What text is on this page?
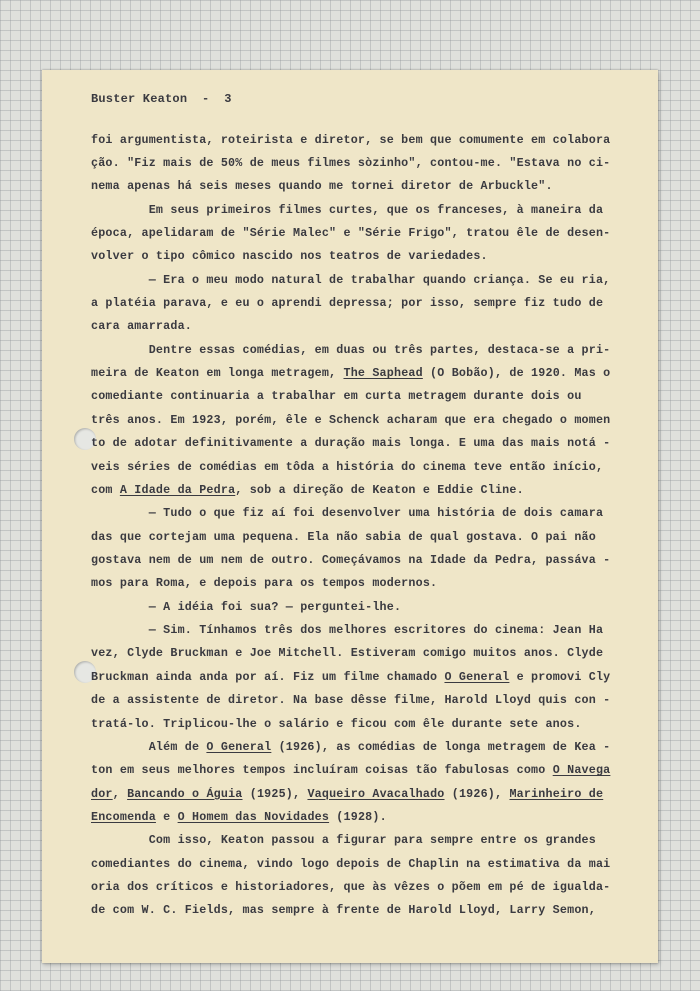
Buster Keaton  -  3
foi argumentista, roteirista e diretor, se bem que comumente em colabora
ção. "Fiz mais de 50% de meus filmes sòzinho", contou-me. "Estava no ci-
nema apenas há seis meses quando me tornei diretor de Arbuckle".
Em seus primeiros filmes curtes, que os franceses, à maneira da
época, apelidaram de "Série Malec" e "Série Frigo", tratou êle de desen-
volver o tipo cômico nascido nos teatros de variedades.
— Era o meu modo natural de trabalhar quando criança. Se eu ria,
a platéia parava, e eu o aprendi depressa; por isso, sempre fiz tudo de
cara amarrada.
Dentre essas comédias, em duas ou três partes, destaca-se a pri-
meira de Keaton em longa metragem, The Saphead (O Bobão), de 1920. Mas o
comediante continuaria a trabalhar em curta metragem durante dois ou
três anos. Em 1923, porém, êle e Schenck acharam que era chegado o momen
to de adotar definitivamente a duração mais longa. E uma das mais notá -
veis séries de comédias em tôda a história do cinema teve então início,
com A Idade da Pedra, sob a direção de Keaton e Eddie Cline.
— Tudo o que fiz aí foi desenvolver uma história de dois camara
das que cortejam uma pequena. Ela não sabia de qual gostava. O pai não
gostava nem de um nem de outro. Começávamos na Idade da Pedra, passáva -
mos para Roma, e depois para os tempos modernos.
— A idéia foi sua? — perguntei-lhe.
— Sim. Tínhamos três dos melhores escritores do cinema: Jean Ha
vez, Clyde Bruckman e Joe Mitchell. Estiveram comigo muitos anos. Clyde
Bruckman ainda anda por aí. Fiz um filme chamado O General e promovi Cly
de a assistente de diretor. Na base dêsse filme, Harold Lloyd quis con -
tratá-lo. Triplicou-lhe o salário e ficou com êle durante sete anos.
Além de O General (1926), as comédias de longa metragem de Kea -
ton em seus melhores tempos incluíram coisas tão fabulosas como O Navega
dor, Bancando o Águia (1925), Vaqueiro Avacalhado (1926), Marinheiro de
Encomenda e O Homem das Novidades (1928).
Com isso, Keaton passou a figurar para sempre entre os grandes
comediantes do cinema, vindo logo depois de Chaplin na estimativa da mai
oria dos críticos e historiadores, que às vêzes o põem em pé de igualda-
de com W. C. Fields, mas sempre à frente de Harold Lloyd, Larry Semon,
